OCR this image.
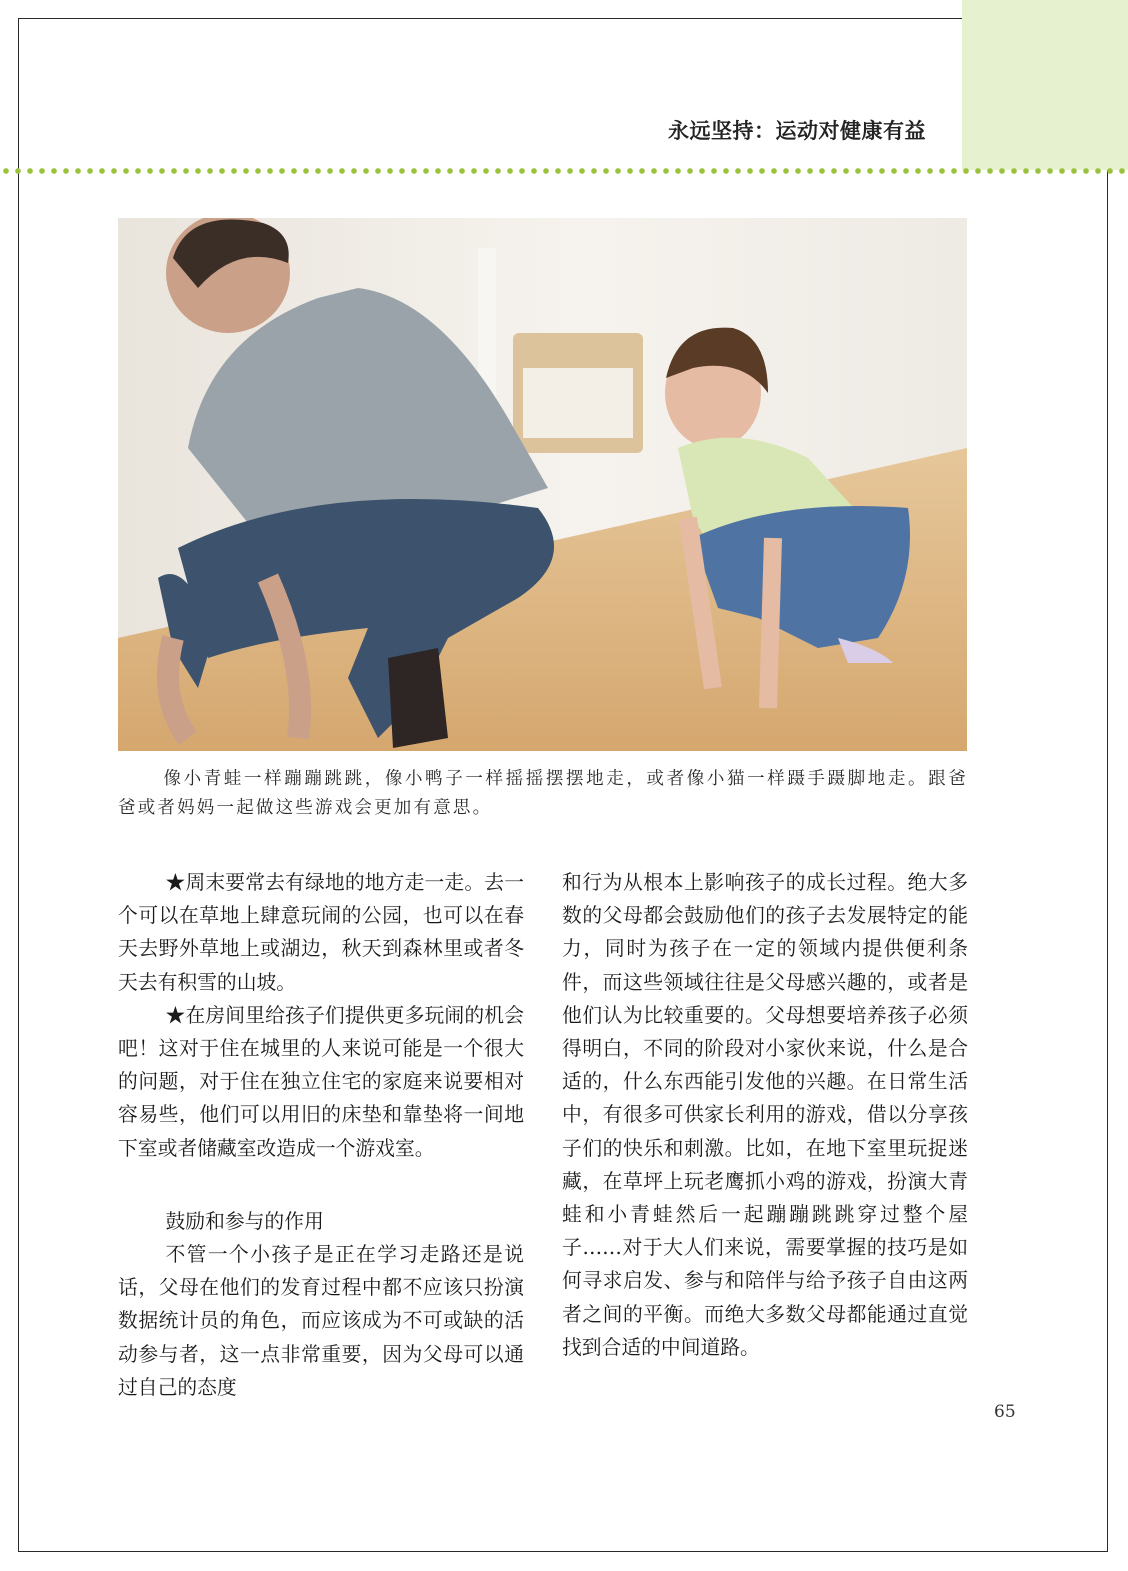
永远坚持：运动对健康有益
像小青蛙一样蹦蹦跳跳，像小鸭子一样摇摇摆摆地走，或者像小猫一样蹑手蹑脚地走。跟爸爸或者妈妈一起做这些游戏会更加有意思。

★周末要常去有绿地的地方走一走。去一个可以在草地上肆意玩闹的公园，也可以在春天去野外草地上或湖边，秋天到森林里或者冬天去有积雪的山坡。

★在房间里给孩子们提供更多玩闹的机会吧！这对于住在城里的人来说可能是一个很大的问题，对于住在独立住宅的家庭来说要相对容易些，他们可以用旧的床垫和靠垫将一间地下室或者储藏室改造成一个游戏室。

鼓励和参与的作用

不管一个小孩子是正在学习走路还是说话，父母在他们的发育过程中都不应该只扮演数据统计员的角色，而应该成为不可或缺的活动参与者，这一点非常重要，因为父母可以通过自己的态度

和行为从根本上影响孩子的成长过程。绝大多数的父母都会鼓励他们的孩子去发展特定的能力，同时为孩子在一定的领域内提供便利条件，而这些领域往往是父母感兴趣的，或者是他们认为比较重要的。父母想要培养孩子必须得明白，不同的阶段对小家伙来说，什么是合适的，什么东西能引发他的兴趣。在日常生活中，有很多可供家长利用的游戏，借以分享孩子们的快乐和刺激。比如，在地下室里玩捉迷藏，在草坪上玩老鹰抓小鸡的游戏，扮演大青蛙和小青蛙然后一起蹦蹦跳跳穿过整个屋子……对于大人们来说，需要掌握的技巧是如何寻求启发、参与和陪伴与给予孩子自由这两者之间的平衡。而绝大多数父母都能通过直觉找到合适的中间道路。

65
